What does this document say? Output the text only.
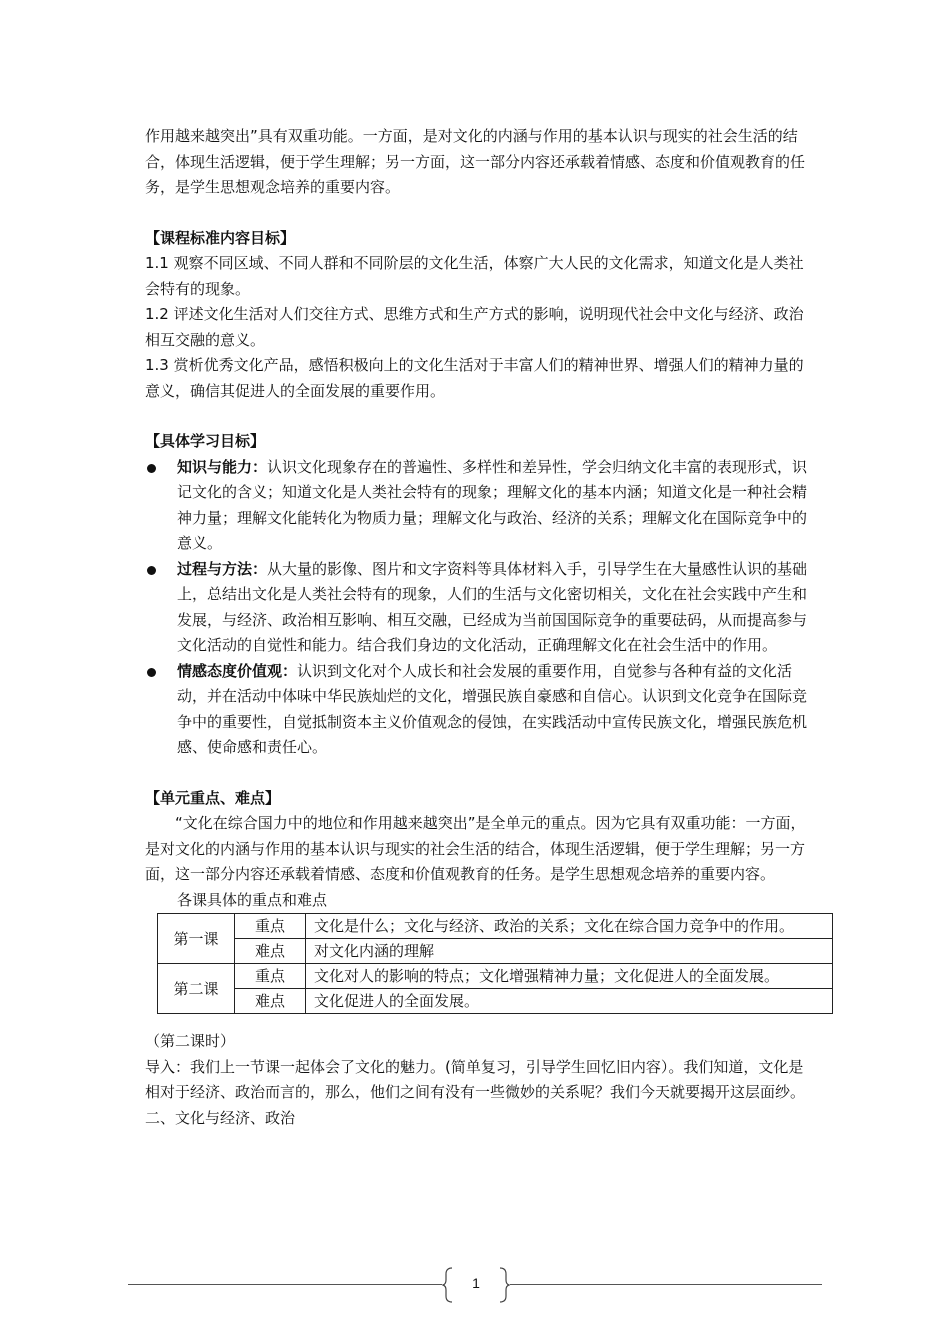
作用越来越突出”具有双重功能。一方面，是对文化的内涵与作用的基本认识与现实的社会生活的结合，体现生活逻辑，便于学生理解；另一方面，这一部分内容还承载着情感、态度和价值观教育的任务，是学生思想观念培养的重要内容。

【课程标准内容目标】

1.1 观察不同区域、不同人群和不同阶层的文化生活，体察广大人民的文化需求，知道文化是人类社会特有的现象。

1.2 评述文化生活对人们交往方式、思维方式和生产方式的影响，说明现代社会中文化与经济、政治相互交融的意义。

1.3 赏析优秀文化产品，感悟积极向上的文化生活对于丰富人们的精神世界、增强人们的精神力量的意义，确信其促进人的全面发展的重要作用。

【具体学习目标】

知识与能力：认识文化现象存在的普遍性、多样性和差异性，学会归纳文化丰富的表现形式，识记文化的含义；知道文化是人类社会特有的现象；理解文化的基本内涵；知道文化是一种社会精神力量；理解文化能转化为物质力量；理解文化与政治、经济的关系；理解文化在国际竞争中的意义。
过程与方法：从大量的影像、图片和文字资料等具体材料入手，引导学生在大量感性认识的基础上，总结出文化是人类社会特有的现象，人们的生活与文化密切相关，文化在社会实践中产生和发展，与经济、政治相互影响、相互交融，已经成为当前国国际竞争的重要砝码，从而提高参与文化活动的自觉性和能力。结合我们身边的文化活动，正确理解文化在社会生活中的作用。
情感态度价值观：认识到文化对个人成长和社会发展的重要作用，自觉参与各种有益的文化活动，并在活动中体味中华民族灿烂的文化，增强民族自豪感和自信心。认识到文化竞争在国际竞争中的重要性，自觉抵制资本主义价值观念的侵蚀，在实践活动中宣传民族文化，增强民族危机感、使命感和责任心。

【单元重点、难点】

“文化在综合国力中的地位和作用越来越突出”是全单元的重点。因为它具有双重功能：一方面，是对文化的内涵与作用的基本认识与现实的社会生活的结合，体现生活逻辑，便于学生理解；另一方面，这一部分内容还承载着情感、态度和价值观教育的任务。是学生思想观念培养的重要内容。

各课具体的重点和难点

第一课	重点	文化是什么；文化与经济、政治的关系；文化在综合国力竞争中的作用。
	难点	对文化内涵的理解
第二课	重点	文化对人的影响的特点；文化增强精神力量；文化促进人的全面发展。
	难点	文化促进人的全面发展。

（第二课时）

导入：我们上一节课一起体会了文化的魅力。(简单复习，引导学生回忆旧内容）。我们知道，文化是相对于经济、政治而言的，那么，他们之间有没有一些微妙的关系呢？我们今天就要揭开这层面纱。

二、文化与经济、政治

1
